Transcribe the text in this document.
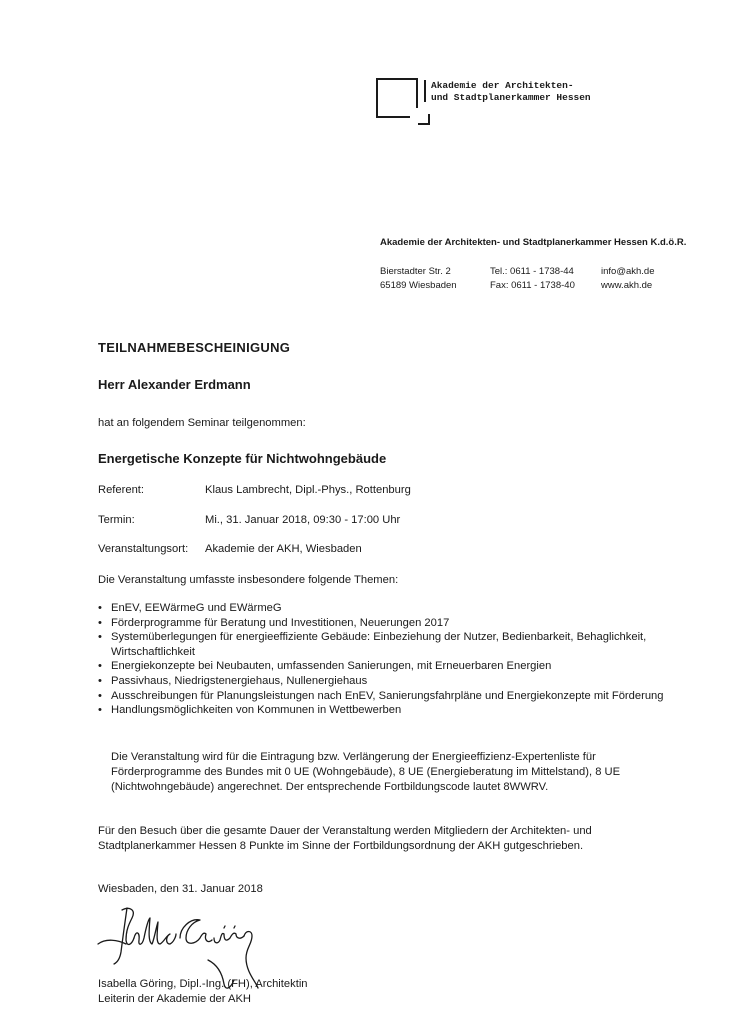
Akademie der Architekten-
und Stadtplanerkammer Hessen
Akademie der Architekten- und Stadtplanerkammer Hessen K.d.ö.R.
Bierstadter Str. 2
65189 Wiesbaden
Tel.: 0611 - 1738-44
Fax: 0611 - 1738-40
info@akh.de
www.akh.de
TEILNAHMEBESCHEINIGUNG
Herr Alexander Erdmann
hat an folgendem Seminar teilgenommen:
Energetische Konzepte für Nichtwohngebäude
Referent:	Klaus Lambrecht, Dipl.-Phys., Rottenburg
Termin:	Mi., 31. Januar 2018, 09:30 - 17:00 Uhr
Veranstaltungsort: Akademie der AKH, Wiesbaden
Die Veranstaltung umfasste insbesondere folgende Themen:
• EnEV, EEWärmeG und EWärmeG
• Förderprogramme für Beratung und Investitionen, Neuerungen 2017
• Systemüberlegungen für energieeffiziente Gebäude: Einbeziehung der Nutzer, Bedienbarkeit, Behaglichkeit, Wirtschaftlichkeit
• Energiekonzepte bei Neubauten, umfassenden Sanierungen, mit Erneuerbaren Energien
• Passivhaus, Niedrigstenergiehaus, Nullenergiehaus
• Ausschreibungen für Planungsleistungen nach EnEV, Sanierungsfahrpläne und Energiekonzepte mit Förderung
• Handlungsmöglichkeiten von Kommunen in Wettbewerben
Die Veranstaltung wird für die Eintragung bzw. Verlängerung der Energieeffizienz-Expertenliste für Förderprogramme des Bundes mit 0 UE (Wohngebäude), 8 UE (Energieberatung im Mittelstand), 8 UE (Nichtwohngebäude) angerechnet. Der entsprechende Fortbildungscode lautet 8WWRV.
Für den Besuch über die gesamte Dauer der Veranstaltung werden Mitgliedern der Architekten- und Stadtplanerkammer Hessen 8 Punkte im Sinne der Fortbildungsordnung der AKH gutgeschrieben.
Wiesbaden, den 31. Januar 2018
Isabella Göring, Dipl.-Ing. (FH), Architektin
Leiterin der Akademie der AKH
